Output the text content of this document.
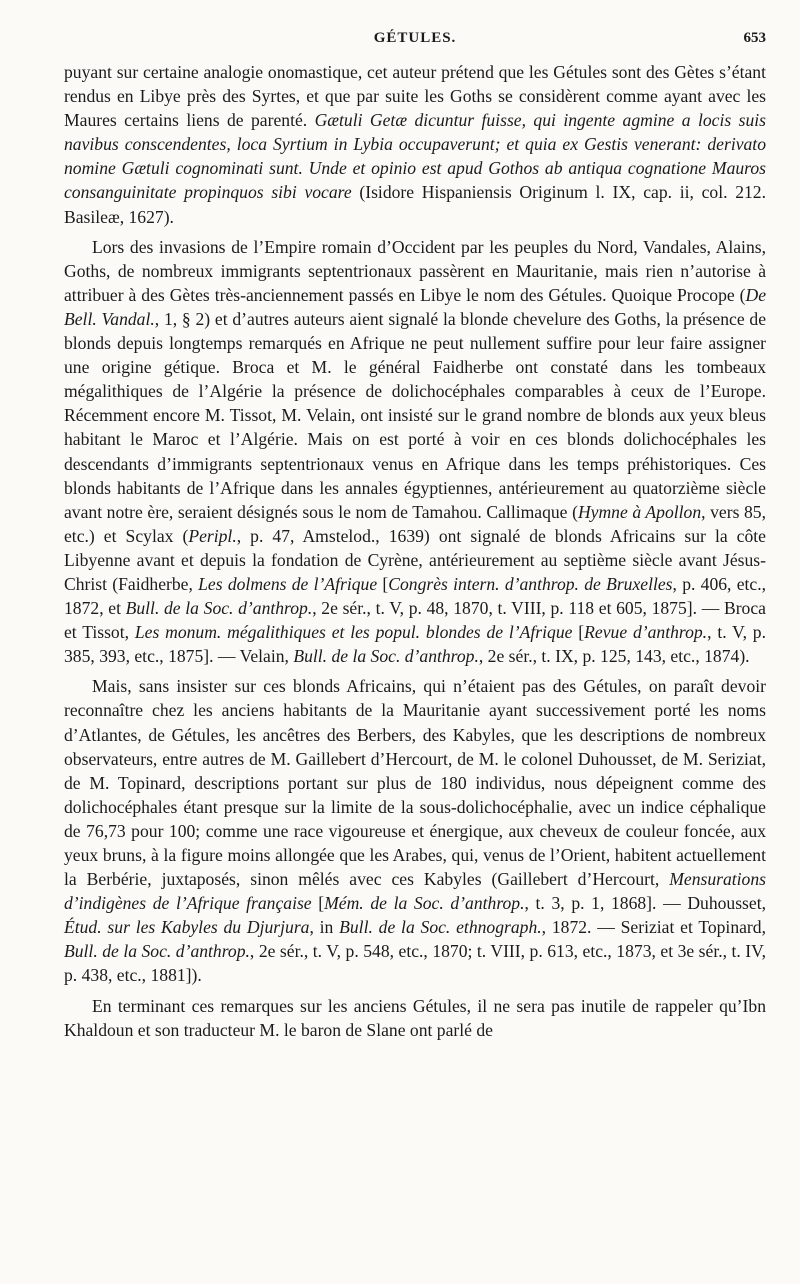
GÉTULES.	653

puyant sur certaine analogie onomastique, cet auteur prétend que les Gétules sont des Gètes s’étant rendus en Libye près des Syrtes, et que par suite les Goths se considèrent comme ayant avec les Maures certains liens de parenté. Gætuli Getæ dicuntur fuisse, qui ingente agmine a locis suis navibus conscendentes, loca Syrtium in Lybia occupaverunt; et quia ex Gestis venerant: derivato nomine Gætuli cognominati sunt. Unde et opinio est apud Gothos ab antiqua cognatione Mauros consanguinitate propinquos sibi vocare (Isidore Hispaniensis Originum l. IX, cap. ii, col. 212. Basileæ, 1627).

Lors des invasions de l’Empire romain d’Occident par les peuples du Nord, Vandales, Alains, Goths, de nombreux immigrants septentrionaux passèrent en Mauritanie, mais rien n’autorise à attribuer à des Gètes très-anciennement passés en Libye le nom des Gétules. Quoique Procope (De Bell. Vandal., 1, § 2) et d’autres auteurs aient signalé la blonde chevelure des Goths, la présence de blonds depuis longtemps remarqués en Afrique ne peut nullement suffire pour leur faire assigner une origine gétique. Broca et M. le général Faidherbe ont constaté dans les tombeaux mégalithiques de l’Algérie la présence de dolichocéphales comparables à ceux de l’Europe. Récemment encore M. Tissot, M. Velain, ont insisté sur le grand nombre de blonds aux yeux bleus habitant le Maroc et l’Algérie. Mais on est porté à voir en ces blonds dolichocéphales les descendants d’immigrants septentrionaux venus en Afrique dans les temps préhistoriques. Ces blonds habitants de l’Afrique dans les annales égyptiennes, antérieurement au quatorzième siècle avant notre ère, seraient désignés sous le nom de Tamahou. Callimaque (Hymne à Apollon, vers 85, etc.) et Scylax (Peripl., p. 47, Amstelod., 1639) ont signalé de blonds Africains sur la côte Libyenne avant et depuis la fondation de Cyrène, antérieurement au septième siècle avant Jésus-Christ (Faidherbe, Les dolmens de l’Afrique [Congrès intern. d’anthrop. de Bruxelles, p. 406, etc., 1872, et Bull. de la Soc. d’anthrop., 2e sér., t. V, p. 48, 1870, t. VIII, p. 118 et 605, 1875]. — Broca et Tissot, Les monum. mégalithiques et les popul. blondes de l’Afrique [Revue d’anthrop., t. V, p. 385, 393, etc., 1875]. — Velain, Bull. de la Soc. d’anthrop., 2e sér., t. IX, p. 125, 143, etc., 1874).

Mais, sans insister sur ces blonds Africains, qui n’étaient pas des Gétules, on paraît devoir reconnaître chez les anciens habitants de la Mauritanie ayant successivement porté les noms d’Atlantes, de Gétules, les ancêtres des Berbers, des Kabyles, que les descriptions de nombreux observateurs, entre autres de M. Gaillebert d’Hercourt, de M. le colonel Duhousset, de M. Seriziat, de M. Topinard, descriptions portant sur plus de 180 individus, nous dépeignent comme des dolichocéphales étant presque sur la limite de la sous-dolichocéphalie, avec un indice céphalique de 76,73 pour 100; comme une race vigoureuse et énergique, aux cheveux de couleur foncée, aux yeux bruns, à la figure moins allongée que les Arabes, qui, venus de l’Orient, habitent actuellement la Berbérie, juxtaposés, sinon mêlés avec ces Kabyles (Gaillebert d’Hercourt, Mensurations d’indigènes de l’Afrique française [Mém. de la Soc. d’anthrop., t. 3, p. 1, 1868]. — Duhousset, Étud. sur les Kabyles du Djurjura, in Bull. de la Soc. ethnograph., 1872. — Seriziat et Topinard, Bull. de la Soc. d’anthrop., 2e sér., t. V, p. 548, etc., 1870; t. VIII, p. 613, etc., 1873, et 3e sér., t. IV, p. 438, etc., 1881]).

En terminant ces remarques sur les anciens Gétules, il ne sera pas inutile de rappeler qu’Ibn Khaldoun et son traducteur M. le baron de Slane ont parlé de
